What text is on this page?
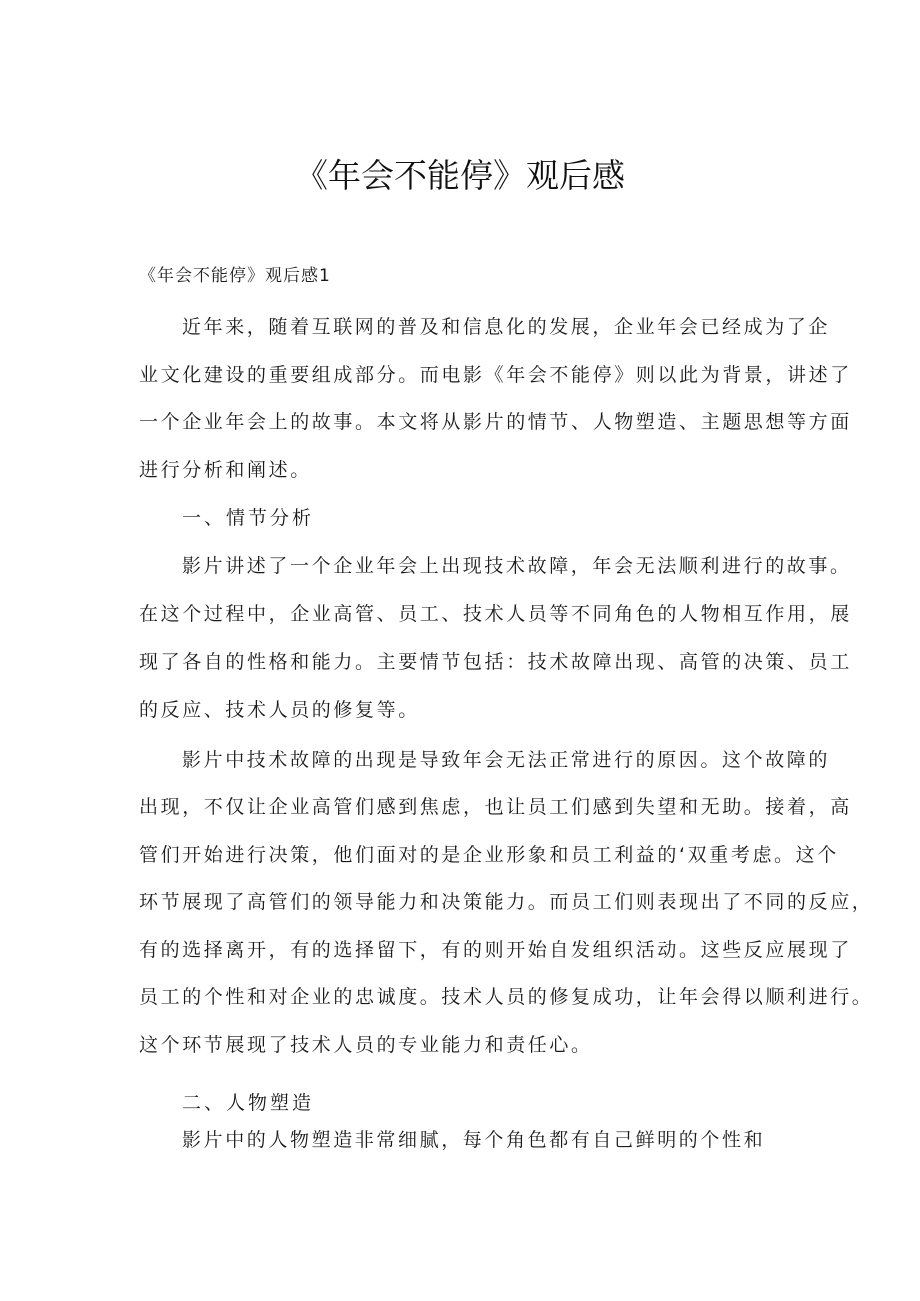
《年会不能停》观后感
《年会不能停》观后感1
近年来，随着互联网的普及和信息化的发展，企业年会已经成为了企
业文化建设的重要组成部分。而电影《年会不能停》则以此为背景，讲述了
一个企业年会上的故事。本文将从影片的情节、人物塑造、主题思想等方面
进行分析和阐述。
一、情节分析
影片讲述了一个企业年会上出现技术故障，年会无法顺利进行的故事。
在这个过程中，企业高管、员工、技术人员等不同角色的人物相互作用，展
现了各自的性格和能力。主要情节包括：技术故障出现、高管的决策、员工
的反应、技术人员的修复等。
影片中技术故障的出现是导致年会无法正常进行的原因。这个故障的
出现，不仅让企业高管们感到焦虑，也让员工们感到失望和无助。接着，高
管们开始进行决策，他们面对的是企业形象和员工利益的‘双重考虑。这个
环节展现了高管们的领导能力和决策能力。而员工们则表现出了不同的反应，
有的选择离开，有的选择留下，有的则开始自发组织活动。这些反应展现了
员工的个性和对企业的忠诚度。技术人员的修复成功，让年会得以顺利进行。
这个环节展现了技术人员的专业能力和责任心。
二、人物塑造
影片中的人物塑造非常细腻，每个角色都有自己鲜明的个性和
